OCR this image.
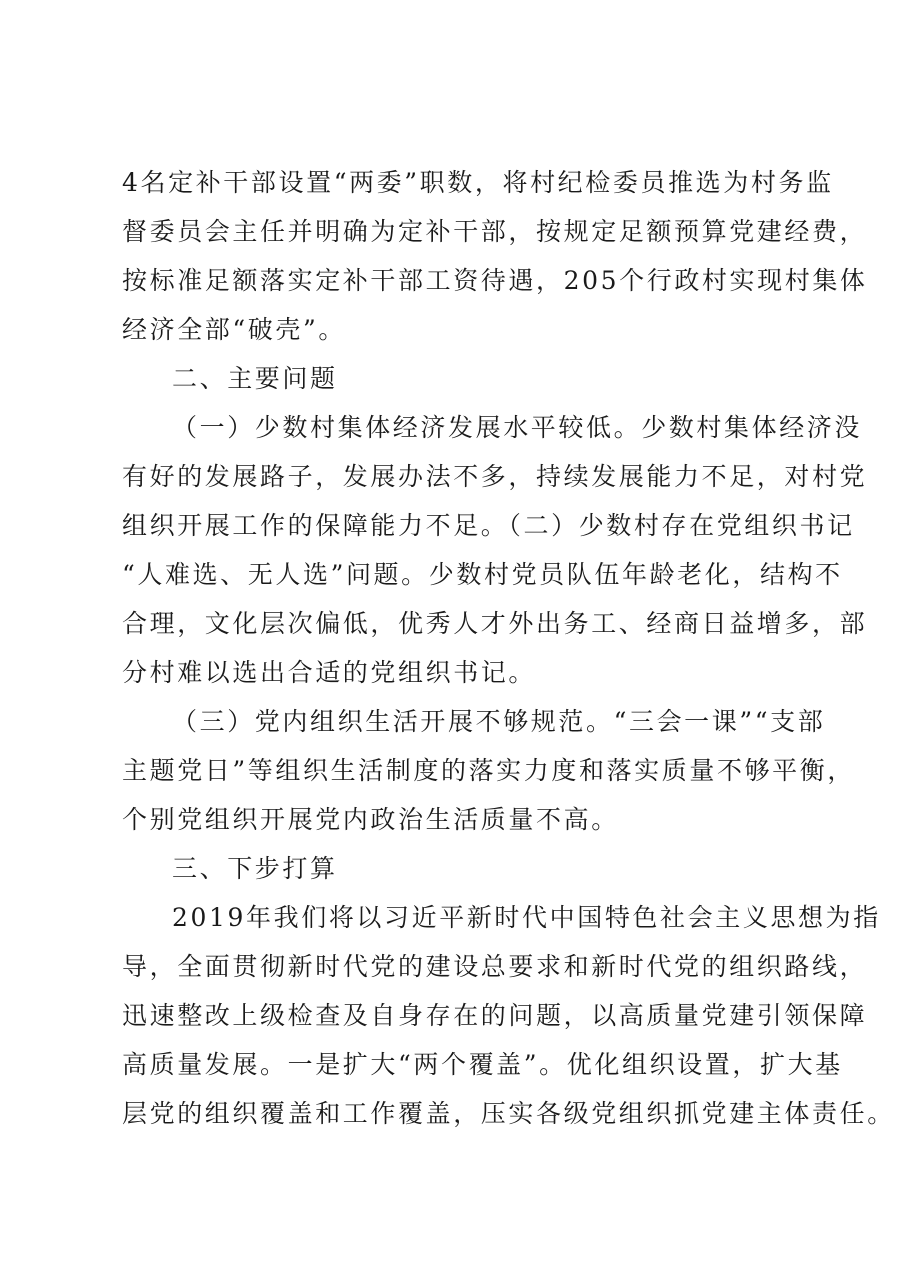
4名定补干部设置“两委”职数，将村纪检委员推选为村务监
督委员会主任并明确为定补干部，按规定足额预算党建经费，
按标准足额落实定补干部工资待遇，205个行政村实现村集体
经济全部“破壳”。
二、主要问题
（一）少数村集体经济发展水平较低。少数村集体经济没
有好的发展路子，发展办法不多，持续发展能力不足，对村党
组织开展工作的保障能力不足。（二）少数村存在党组织书记
“人难选、无人选”问题。少数村党员队伍年龄老化，结构不
合理，文化层次偏低，优秀人才外出务工、经商日益增多，部
分村难以选出合适的党组织书记。
（三）党内组织生活开展不够规范。“三会一课”“支部
主题党日”等组织生活制度的落实力度和落实质量不够平衡，
个别党组织开展党内政治生活质量不高。
三、下步打算
2019年我们将以习近平新时代中国特色社会主义思想为指
导，全面贯彻新时代党的建设总要求和新时代党的组织路线，
迅速整改上级检查及自身存在的问题，以高质量党建引领保障
高质量发展。一是扩大“两个覆盖”。优化组织设置，扩大基
层党的组织覆盖和工作覆盖，压实各级党组织抓党建主体责任。
